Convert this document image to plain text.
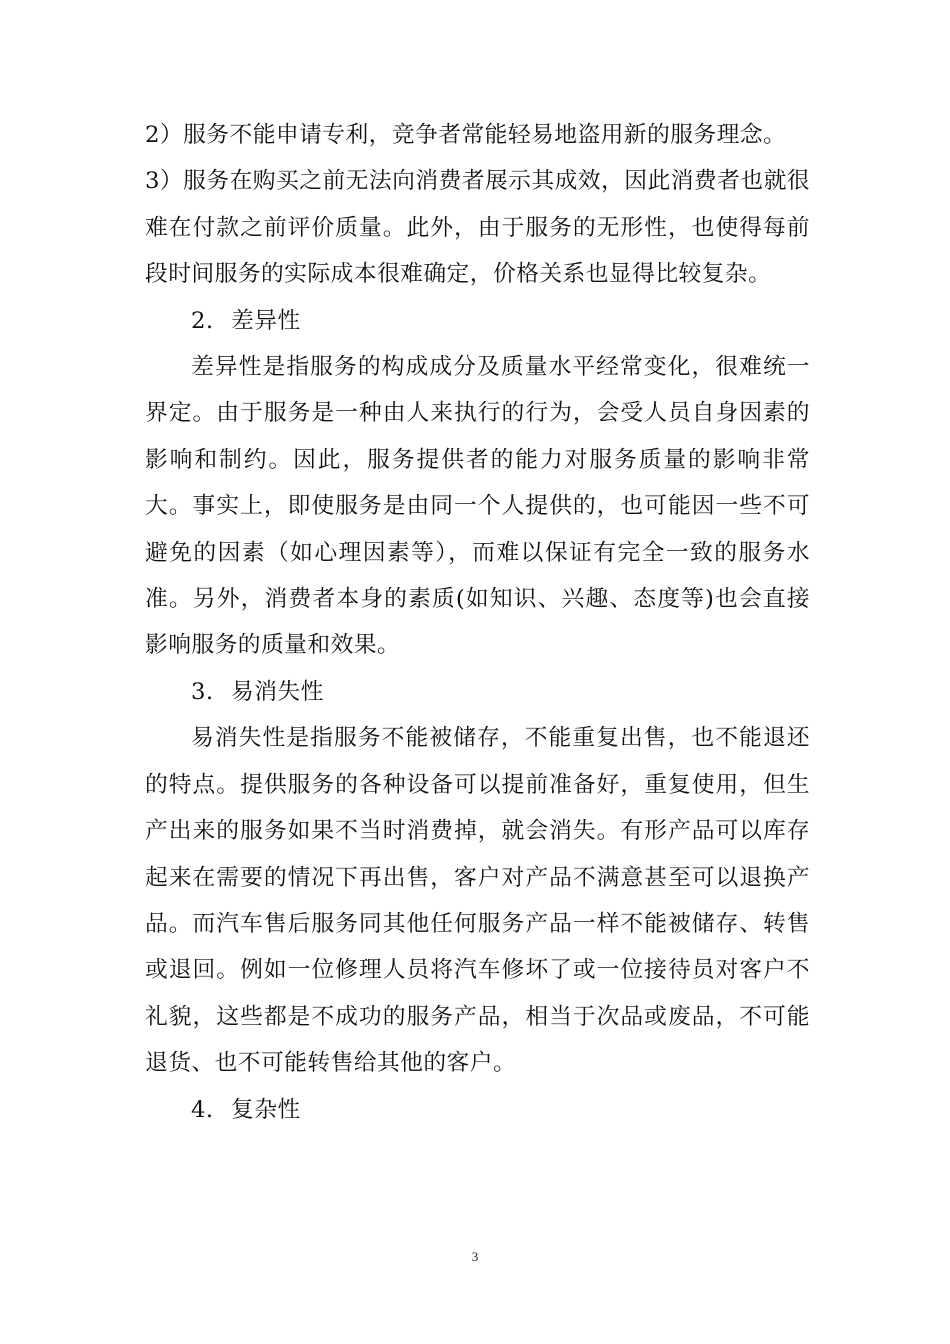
2）服务不能申请专利，竞争者常能轻易地盗用新的服务理念。

3）服务在购买之前无法向消费者展示其成效，因此消费者也就很难在付款之前评价质量。此外，由于服务的无形性，也使得每前段时间服务的实际成本很难确定，价格关系也显得比较复杂。

2. 差异性

差异性是指服务的构成成分及质量水平经常变化，很难统一界定。由于服务是一种由人来执行的行为，会受人员自身因素的影响和制约。因此，服务提供者的能力对服务质量的影响非常大。事实上，即使服务是由同一个人提供的，也可能因一些不可避免的因素（如心理因素等），而难以保证有完全一致的服务水准。另外，消费者本身的素质(如知识、兴趣、态度等)也会直接影响服务的质量和效果。

3. 易消失性

易消失性是指服务不能被储存，不能重复出售，也不能退还的特点。提供服务的各种设备可以提前准备好，重复使用，但生产出来的服务如果不当时消费掉，就会消失。有形产品可以库存起来在需要的情况下再出售，客户对产品不满意甚至可以退换产品。而汽车售后服务同其他任何服务产品一样不能被储存、转售或退回。例如一位修理人员将汽车修坏了或一位接待员对客户不礼貌，这些都是不成功的服务产品，相当于次品或废品，不可能退货、也不可能转售给其他的客户。

4. 复杂性
3
